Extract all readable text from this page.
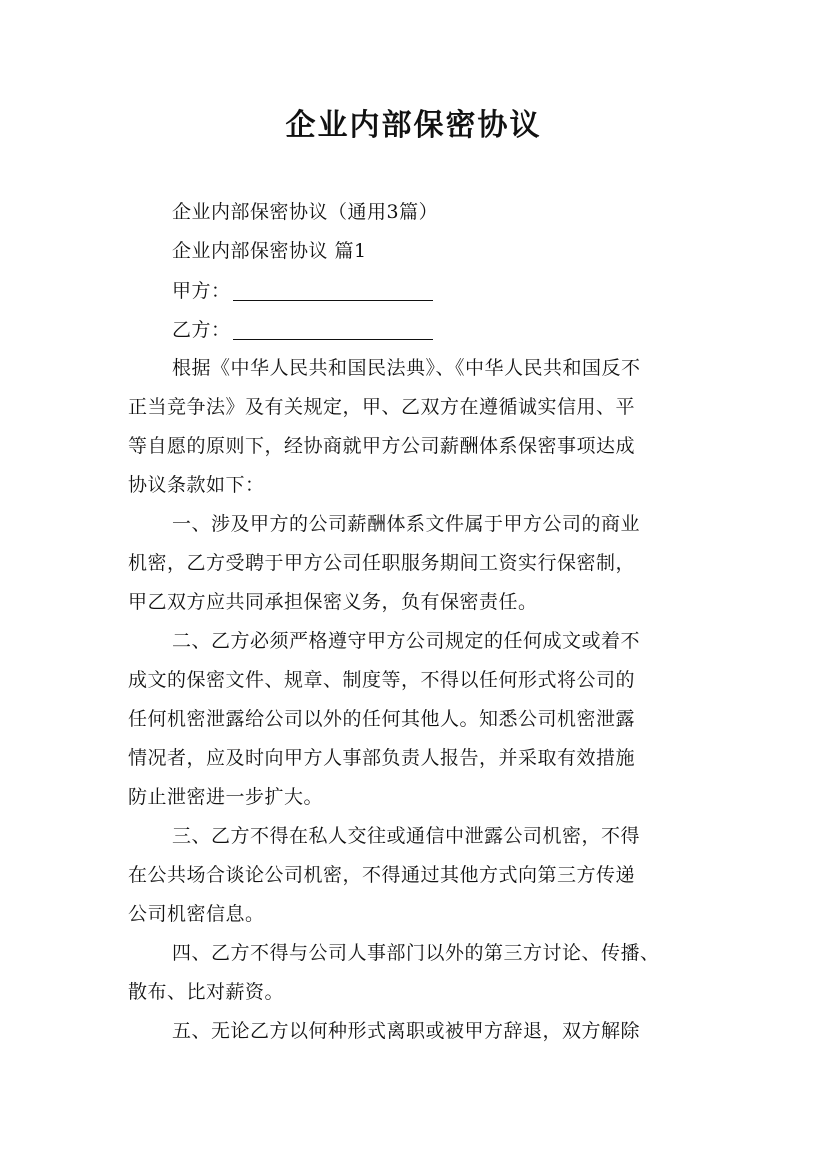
企业内部保密协议
企业内部保密协议（通用3篇）
企业内部保密协议 篇1
甲方：
乙方：
根据《中华人民共和国民法典》、《中华人民共和国反不
正当竞争法》及有关规定，甲、乙双方在遵循诚实信用、平
等自愿的原则下，经协商就甲方公司薪酬体系保密事项达成
协议条款如下：
一、涉及甲方的公司薪酬体系文件属于甲方公司的商业
机密，乙方受聘于甲方公司任职服务期间工资实行保密制，
甲乙双方应共同承担保密义务，负有保密责任。
二、乙方必须严格遵守甲方公司规定的任何成文或着不
成文的保密文件、规章、制度等，不得以任何形式将公司的
任何机密泄露给公司以外的任何其他人。知悉公司机密泄露
情况者，应及时向甲方人事部负责人报告，并采取有效措施
防止泄密进一步扩大。
三、乙方不得在私人交往或通信中泄露公司机密，不得
在公共场合谈论公司机密，不得通过其他方式向第三方传递
公司机密信息。
四、乙方不得与公司人事部门以外的第三方讨论、传播、
散布、比对薪资。
五、无论乙方以何种形式离职或被甲方辞退，双方解除
